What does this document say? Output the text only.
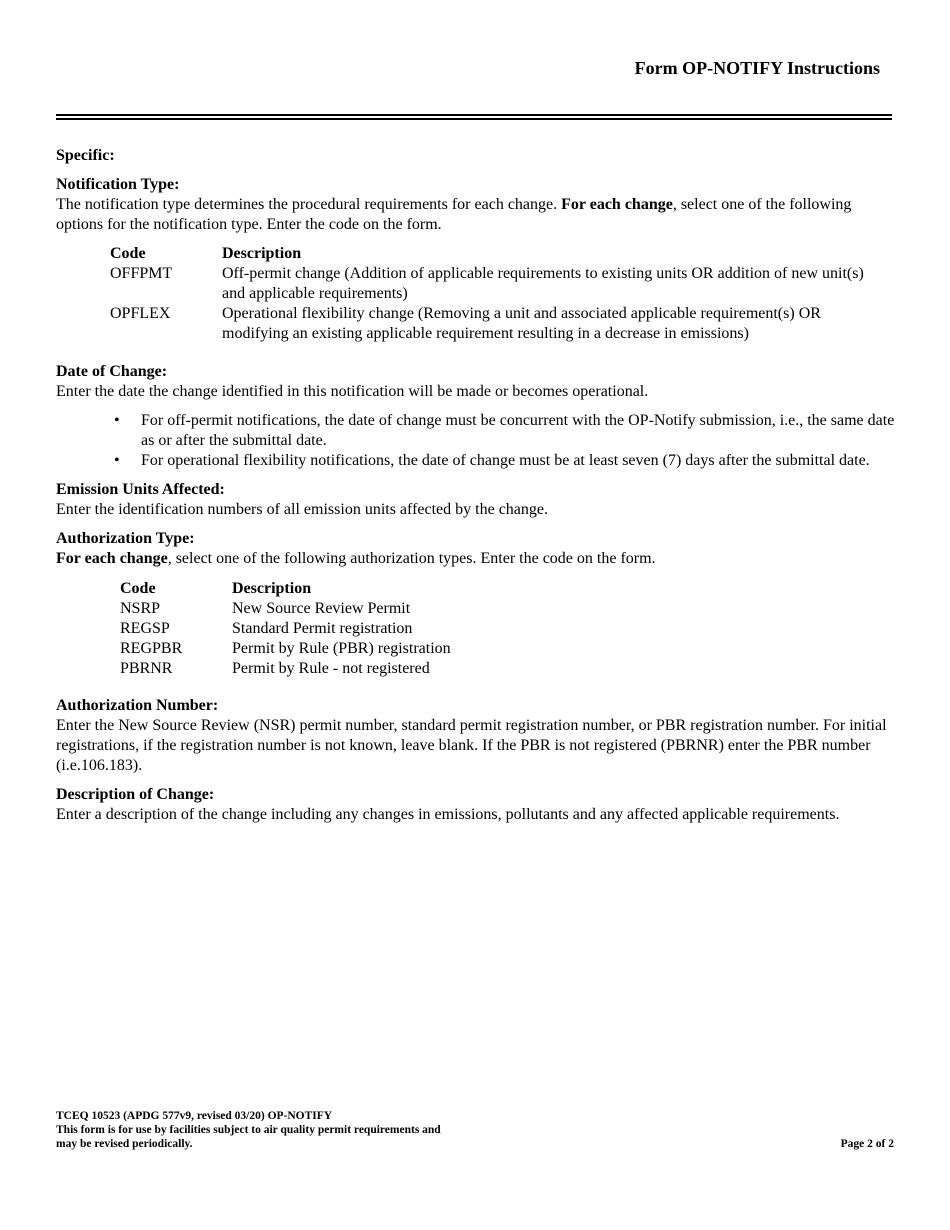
Form OP-NOTIFY Instructions

Specific:

Notification Type:

The notification type determines the procedural requirements for each change. For each change, select one of the following options for the notification type. Enter the code on the form.

Code	Description
OFFPMT	Off-permit change (Addition of applicable requirements to existing units OR addition of new unit(s) and applicable requirements)
OPFLEX	Operational flexibility change (Removing a unit and associated applicable requirement(s) OR modifying an existing applicable requirement resulting in a decrease in emissions)

Date of Change:

Enter the date the change identified in this notification will be made or becomes operational.

• For off-permit notifications, the date of change must be concurrent with the OP-Notify submission, i.e., the same date as or after the submittal date.
• For operational flexibility notifications, the date of change must be at least seven (7) days after the submittal date.

Emission Units Affected:

Enter the identification numbers of all emission units affected by the change.

Authorization Type:

For each change, select one of the following authorization types. Enter the code on the form.

Code	Description
NSRP	New Source Review Permit
REGSP	Standard Permit registration
REGPBR	Permit by Rule (PBR) registration
PBRNR	Permit by Rule - not registered

Authorization Number:

Enter the New Source Review (NSR) permit number, standard permit registration number, or PBR registration number. For initial registrations, if the registration number is not known, leave blank. If the PBR is not registered (PBRNR) enter the PBR number (i.e.106.183).

Description of Change:

Enter a description of the change including any changes in emissions, pollutants and any affected applicable requirements.

TCEQ 10523 (APDG 577v9, revised 03/20) OP-NOTIFY
This form is for use by facilities subject to air quality permit requirements and
may be revised periodically.	Page 2 of 2
